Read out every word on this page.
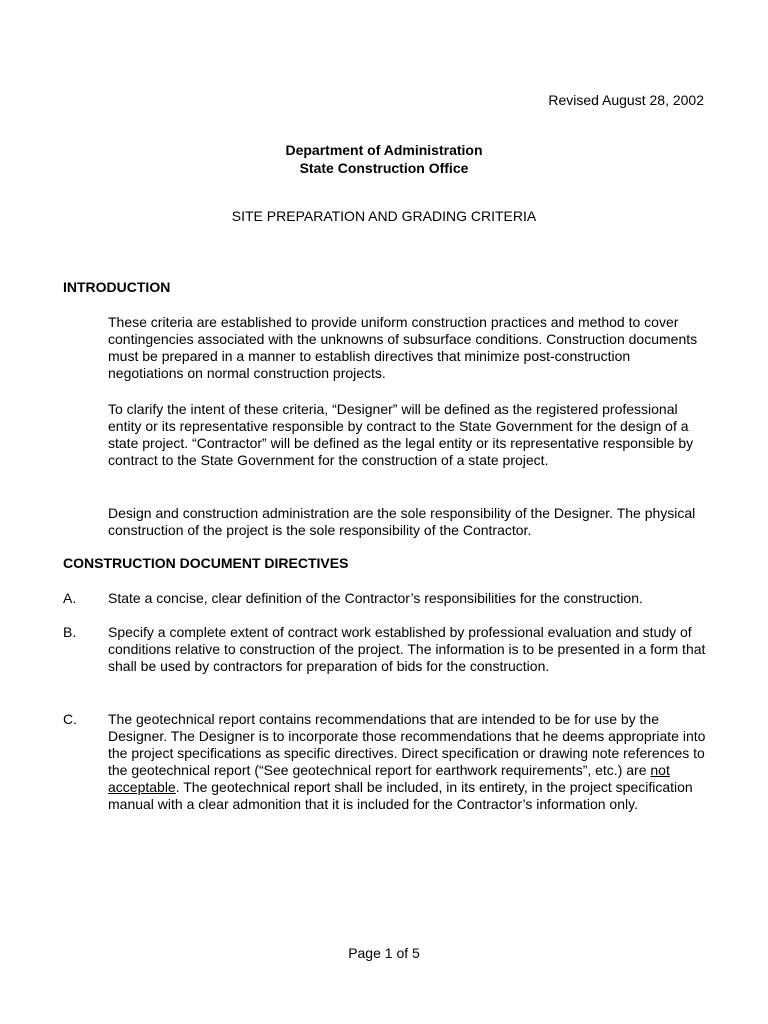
Revised August 28, 2002
Department of Administration
State Construction Office
SITE PREPARATION AND GRADING CRITERIA
INTRODUCTION
These criteria are established to provide uniform construction practices and method to cover contingencies associated with the unknowns of subsurface conditions. Construction documents must be prepared in a manner to establish directives that minimize post-construction negotiations on normal construction projects.
To clarify the intent of these criteria, “Designer” will be defined as the registered professional entity or its representative responsible by contract to the State Government for the design of a state project. “Contractor” will be defined as the legal entity or its representative responsible by contract to the State Government for the construction of a state project.
Design and construction administration are the sole responsibility of the Designer. The physical construction of the project is the sole responsibility of the Contractor.
CONSTRUCTION DOCUMENT DIRECTIVES
A. State a concise, clear definition of the Contractor’s responsibilities for the construction.
B. Specify a complete extent of contract work established by professional evaluation and study of conditions relative to construction of the project. The information is to be presented in a form that shall be used by contractors for preparation of bids for the construction.
C. The geotechnical report contains recommendations that are intended to be for use by the Designer. The Designer is to incorporate those recommendations that he deems appropriate into the project specifications as specific directives. Direct specification or drawing note references to the geotechnical report (“See geotechnical report for earthwork requirements”, etc.) are not acceptable. The geotechnical report shall be included, in its entirety, in the project specification manual with a clear admonition that it is included for the Contractor’s information only.
Page 1 of 5
